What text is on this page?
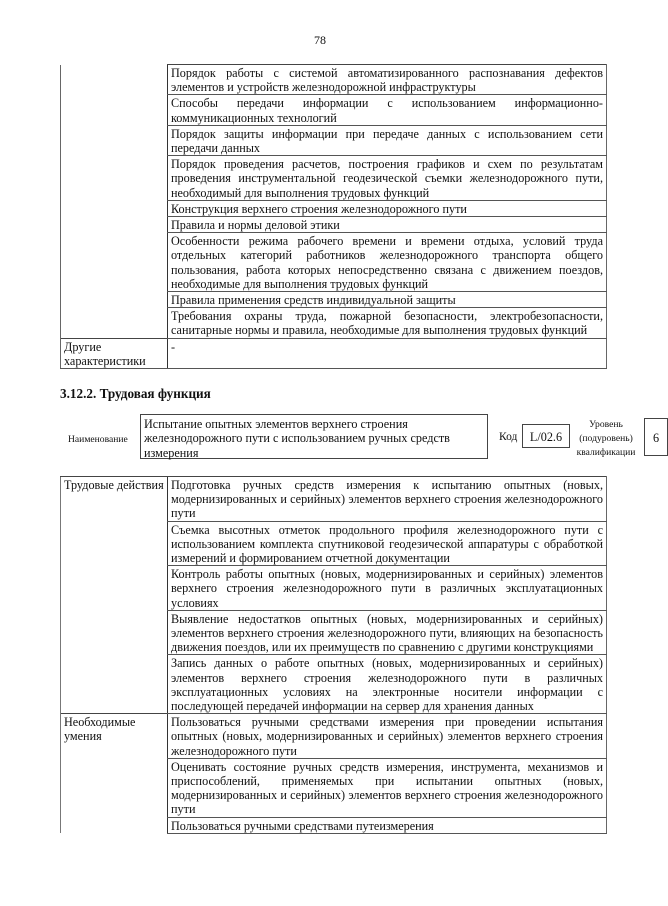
78
	Порядок работы с системой автоматизированного распознавания дефектов элементов и устройств железнодорожной инфраструктуры
	Способы передачи информации с использованием информационно-коммуникационных технологий
	Порядок защиты информации при передаче данных с использованием сети передачи данных
	Порядок проведения расчетов, построения графиков и схем по результатам проведения инструментальной геодезической съемки железнодорожного пути, необходимый для выполнения трудовых функций
	Конструкция верхнего строения железнодорожного пути
	Правила и нормы деловой этики
	Особенности режима рабочего времени и времени отдыха, условий труда отдельных категорий работников железнодорожного транспорта общего пользования, работа которых непосредственно связана с движением поездов, необходимые для выполнения трудовых функций
	Правила применения средств индивидуальной защиты
	Требования охраны труда, пожарной безопасности, электробезопасности, санитарные нормы и правила, необходимые для выполнения трудовых функций
Другие характеристики	-
3.12.2. Трудовая функция
Наименование
Испытание опытных элементов верхнего строения железнодорожного пути с использованием ручных средств измерения
Код	L/02.6
Уровень (подуровень) квалификации
6
Трудовые действия	Подготовка ручных средств измерения к испытанию опытных (новых, модернизированных и серийных) элементов верхнего строения железнодорожного пути
	Съемка высотных отметок продольного профиля железнодорожного пути с использованием комплекта спутниковой геодезической аппаратуры с обработкой измерений и формированием отчетной документации
	Контроль работы опытных (новых, модернизированных и серийных) элементов верхнего строения железнодорожного пути в различных эксплуатационных условиях
	Выявление недостатков опытных (новых, модернизированных и серийных) элементов верхнего строения железнодорожного пути, влияющих на безопасность движения поездов, или их преимуществ по сравнению с другими конструкциями
	Запись данных о работе опытных (новых, модернизированных и серийных) элементов верхнего строения железнодорожного пути в различных эксплуатационных условиях на электронные носители информации с последующей передачей информации на сервер для хранения данных
Необходимые умения	Пользоваться ручными средствами измерения при проведении испытания опытных (новых, модернизированных и серийных) элементов верхнего строения железнодорожного пути
	Оценивать состояние ручных средств измерения, инструмента, механизмов и приспособлений, применяемых при испытании опытных (новых, модернизированных и серийных) элементов верхнего строения железнодорожного пути
	Пользоваться ручными средствами путеизмерения
